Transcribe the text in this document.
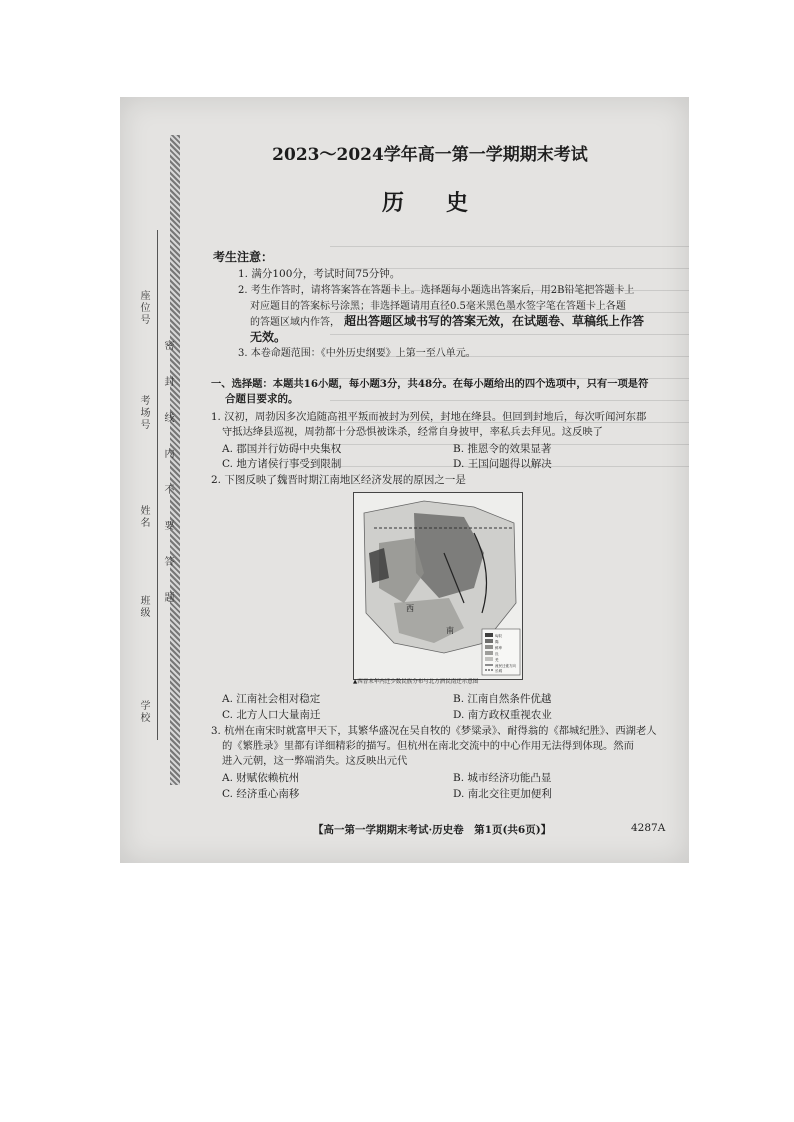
学校
班级
姓名
考场号
座位号
密　封　线　内　不　要　答　题
2023～2024学年高一第一学期期末考试
历　史
考生注意：
1. 满分100分，考试时间75分钟。
2. 考生作答时，请将答案答在答题卡上。选择题每小题选出答案后，用2B铅笔把答题卡上
对应题目的答案标号涂黑；非选择题请用直径0.5毫米黑色墨水签字笔在答题卡上各题
的答题区域内作答， 超出答题区域书写的答案无效，在试题卷、草稿纸上作答
无效。
3. 本卷命题范围：《中外历史纲要》上第一至八单元。
一、选择题：本题共16小题，每小题3分，共48分。在每小题给出的四个选项中，只有一项是符
合题目要求的。
1. 汉初，周勃因多次追随高祖平叛而被封为列侯，封地在绛县。但回到封地后，每次听闻河东郡
守抵达绛县巡视，周勃都十分恐惧被诛杀，经常自身披甲，率私兵去拜见。这反映了
A. 郡国并行妨碍中央集权	B. 推恩令的效果显著
C. 地方诸侯行事受到限制	D. 王国问题得以解决
2. 下图反映了魏晋时期江南地区经济发展的原因之一是
匈奴
羯
鲜卑
氐
羌
流民迁徙方向
长城
西
南
▲西晋末年内迁少数民族分布与北方酒民南迁示意图
A. 江南社会相对稳定	B. 江南自然条件优越
C. 北方人口大量南迁	D. 南方政权重视农业
3. 杭州在南宋时就富甲天下，其繁华盛况在吴自牧的《梦粱录》、耐得翁的《都城纪胜》、西湖老人
的《繁胜录》里都有详细精彩的描写。但杭州在南北交流中的中心作用无法得到体现。然而
进入元朝，这一弊端消失。这反映出元代
A. 财赋依赖杭州	B. 城市经济功能凸显
C. 经济重心南移	D. 南北交往更加便利
【高一第一学期期末考试·历史卷　第1页(共6页)】	4287A
